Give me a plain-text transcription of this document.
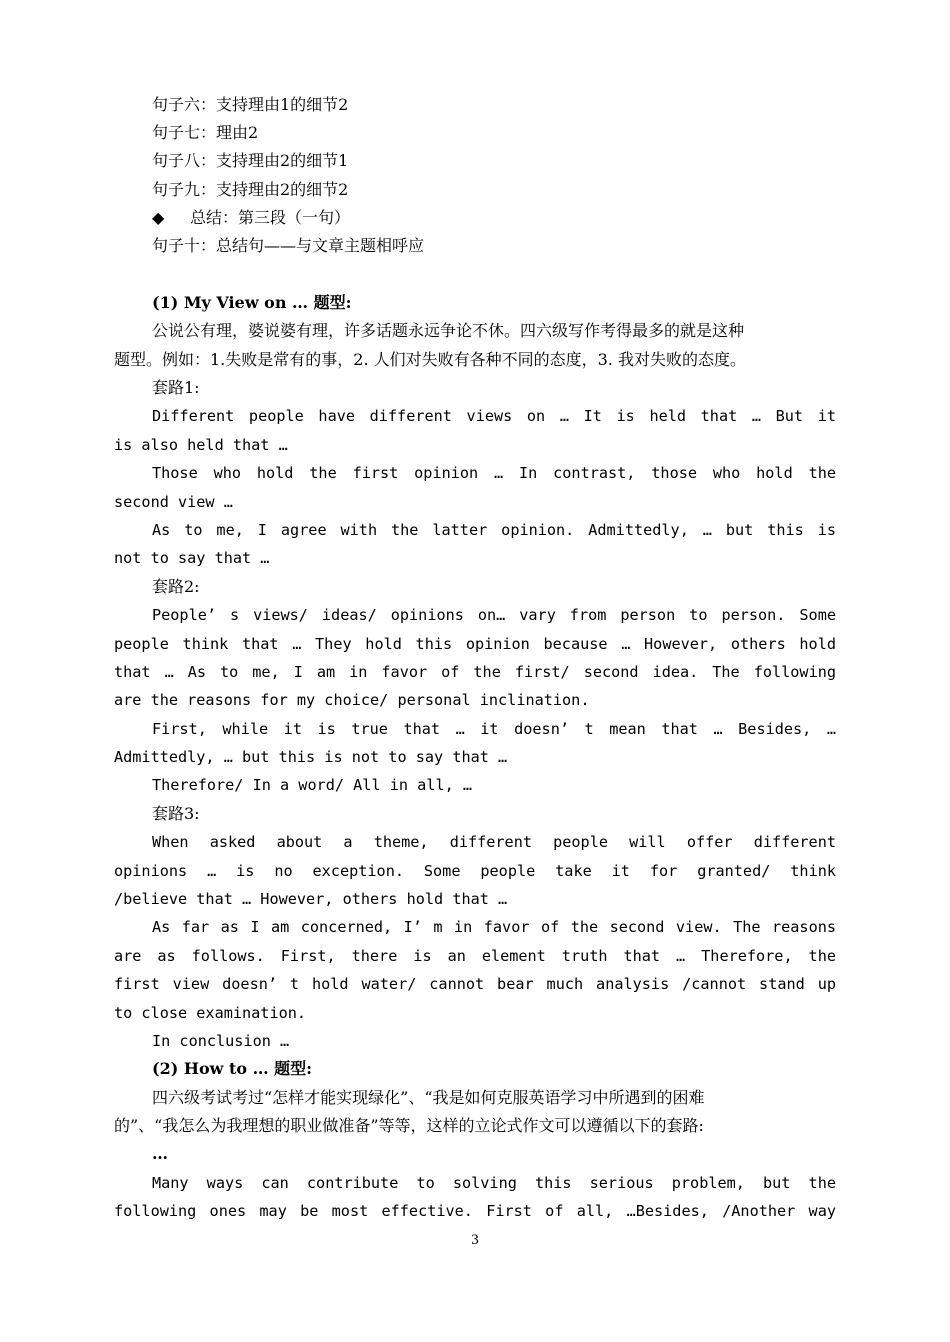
句子六：支持理由1的细节2
句子七：理由2
句子八：支持理由2的细节1
句子九：支持理由2的细节2
◆ 总结：第三段（一句）
句子十：总结句——与文章主题相呼应
(1) My View on … 题型:
公说公有理，婆说婆有理，许多话题永远争论不休。四六级写作考得最多的就是这种
题型。例如：1.失败是常有的事，2. 人们对失败有各种不同的态度，3. 我对失败的态度。
套路1:
Different people have different views on … It is held that … But it
is also held that …
Those who hold the first opinion … In contrast, those who hold the
second view …
As to me, I agree with the latter opinion. Admittedly, … but this is
not to say that …
套路2:
People’ s views/ ideas/ opinions on… vary from person to person. Some
people think that … They hold this opinion because … However, others hold
that … As to me, I am in favor of the first/ second idea. The following
are the reasons for my choice/ personal inclination.
First, while it is true that … it doesn’ t mean that … Besides, …
Admittedly, … but this is not to say that …
Therefore/ In a word/ All in all, …
套路3:
When asked about a theme, different people will offer different
opinions … is no exception. Some people take it for granted/ think
/believe that … However, others hold that …
As far as I am concerned, I’ m in favor of the second view. The reasons
are as follows. First, there is an element truth that … Therefore, the
first view doesn’ t hold water/ cannot bear much analysis /cannot stand up
to close examination.
In conclusion …
(2) How to … 题型:
四六级考试考过“怎样才能实现绿化”、“我是如何克服英语学习中所遇到的困难
的”、“我怎么为我理想的职业做准备”等等，这样的立论式作文可以遵循以下的套路:
…
Many ways can contribute to solving this serious problem, but the
following ones may be most effective. First of all, …Besides, /Another way
3
